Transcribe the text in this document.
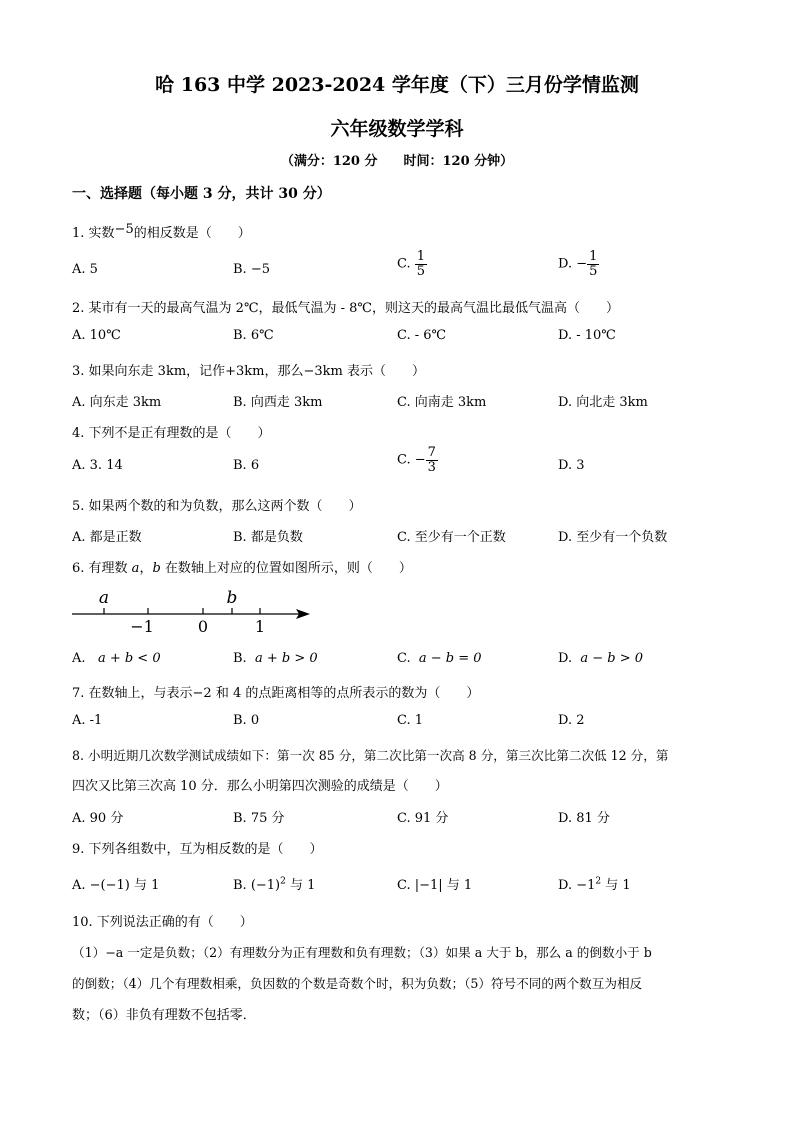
哈 163 中学 2023-2024 学年度（下）三月份学情监测
六年级数学学科
（满分：120 分　　时间：120 分钟）
一、选择题（每小题 3 分，共计 30 分）
1. 实数−5的相反数是（　　）
A. 5	B. −5	C. $\frac{1}{5}$	D. − $\frac{1}{5}$
2. 某市有一天的最高气温为 2℃，最低气温为 - 8℃，则这天的最高气温比最低气温高（　　）
A. 10℃	B. 6℃	C. - 6℃	D. - 10℃
3. 如果向东走 3km，记作+3km，那么−3km 表示（　　）
A. 向东走 3km	B. 向西走 3km	C. 向南走 3km	D. 向北走 3km
4. 下列不是正有理数的是（　　）
A. 3. 14	B. 6	C. − $\frac{7}{3}$	D. 3
5. 如果两个数的和为负数，那么这两个数（　　）
A. 都是正数	B. 都是负数	C. 至少有一个正数	D. 至少有一个负数
6. 有理数 a，b 在数轴上对应的位置如图所示，则（　　）
a	b
−1	0	1
A. a + b < 0	B. a + b > 0	C. a − b = 0	D. a − b > 0
7. 在数轴上，与表示−2 和 4 的点距离相等的点所表示的数为（　　）
A. -1	B. 0	C. 1	D. 2
8. 小明近期几次数学测试成绩如下：第一次 85 分，第二次比第一次高 8 分，第三次比第二次低 12 分，第
四次又比第三次高 10 分．那么小明第四次测验的成绩是（　　）
A. 90 分	B. 75 分	C. 91 分	D. 81 分
9. 下列各组数中，互为相反数的是（　　）
A. −(−1) 与 1	B. $(-1)^2$ 与 1	C. |−1| 与 1	D. $-1^2$ 与 1
10. 下列说法正确的有（　　）
（1）−a 一定是负数；（2）有理数分为正有理数和负有理数；（3）如果 a 大于 b，那么 a 的倒数小于 b
的倒数；（4）几个有理数相乘，负因数的个数是奇数个时，积为负数；（5）符号不同的两个数互为相反
数；（6）非负有理数不包括零．
